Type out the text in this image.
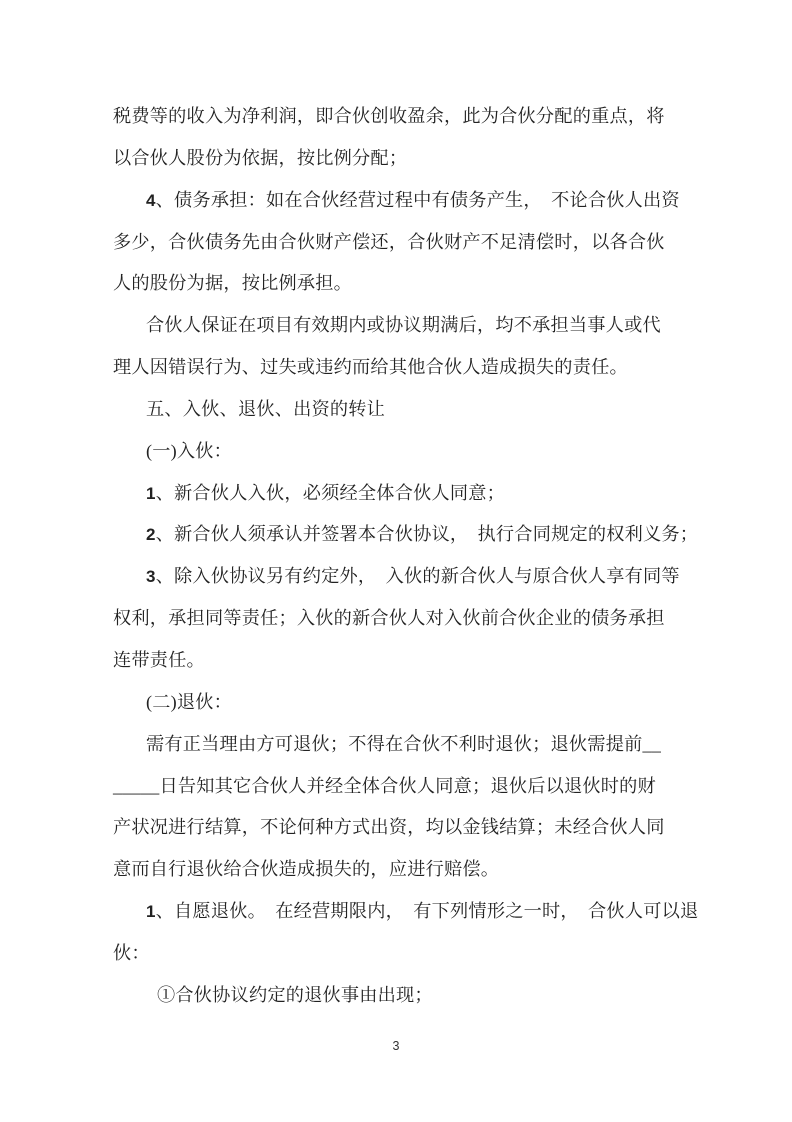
税费等的收入为净利润，即合伙创收盈余，此为合伙分配的重点，将
以合伙人股份为依据，按比例分配；
4、债务承担：如在合伙经营过程中有债务产生，　不论合伙人出资
多少，合伙债务先由合伙财产偿还，合伙财产不足清偿时，以各合伙
人的股份为据，按比例承担。
合伙人保证在项目有效期内或协议期满后，均不承担当事人或代
理人因错误行为、过失或违约而给其他合伙人造成损失的责任。
五、入伙、退伙、出资的转让
(一)入伙：
1、新合伙人入伙，必须经全体合伙人同意；
2、新合伙人须承认并签署本合伙协议，　执行合同规定的权利义务；
3、除入伙协议另有约定外，　入伙的新合伙人与原合伙人享有同等
权利，承担同等责任；入伙的新合伙人对入伙前合伙企业的债务承担
连带责任。
(二)退伙：
需有正当理由方可退伙；不得在合伙不利时退伙；退伙需提前__
_____日告知其它合伙人并经全体合伙人同意；退伙后以退伙时的财
产状况进行结算，不论何种方式出资，均以金钱结算；未经合伙人同
意而自行退伙给合伙造成损失的，应进行赔偿。
1、自愿退伙。　在经营期限内，　有下列情形之一时，　合伙人可以退
伙：
①合伙协议约定的退伙事由出现；
3
